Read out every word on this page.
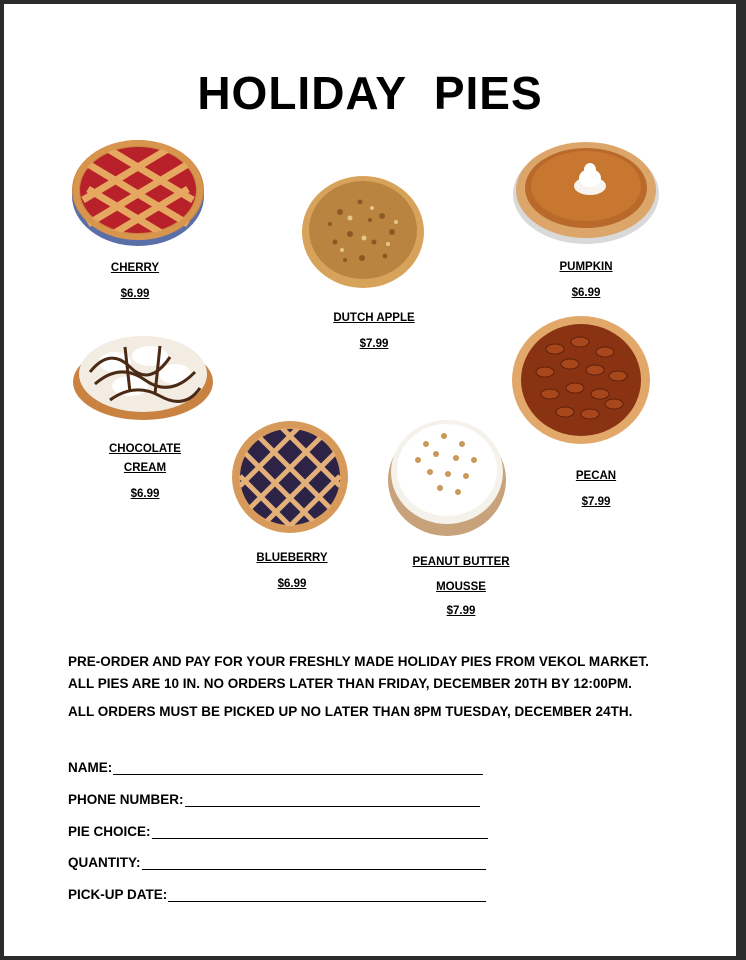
HOLIDAY  PIES
CHERRY
$6.99
DUTCH APPLE
$7.99
PUMPKIN
$6.99
CHOCOLATE
CREAM
$6.99
PECAN
$7.99
BLUEBERRY
$6.99
PEANUT BUTTER
MOUSSE
$7.99
PRE-ORDER AND PAY FOR YOUR FRESHLY MADE HOLIDAY PIES FROM VEKOL MARKET.
ALL PIES ARE 10 IN. NO ORDERS LATER THAN FRIDAY, DECEMBER 20TH BY 12:00PM.
ALL ORDERS MUST BE PICKED UP NO LATER THAN 8PM TUESDAY, DECEMBER 24TH.
NAME:
PHONE NUMBER:
PIE CHOICE:
QUANTITY:
PICK-UP DATE:
